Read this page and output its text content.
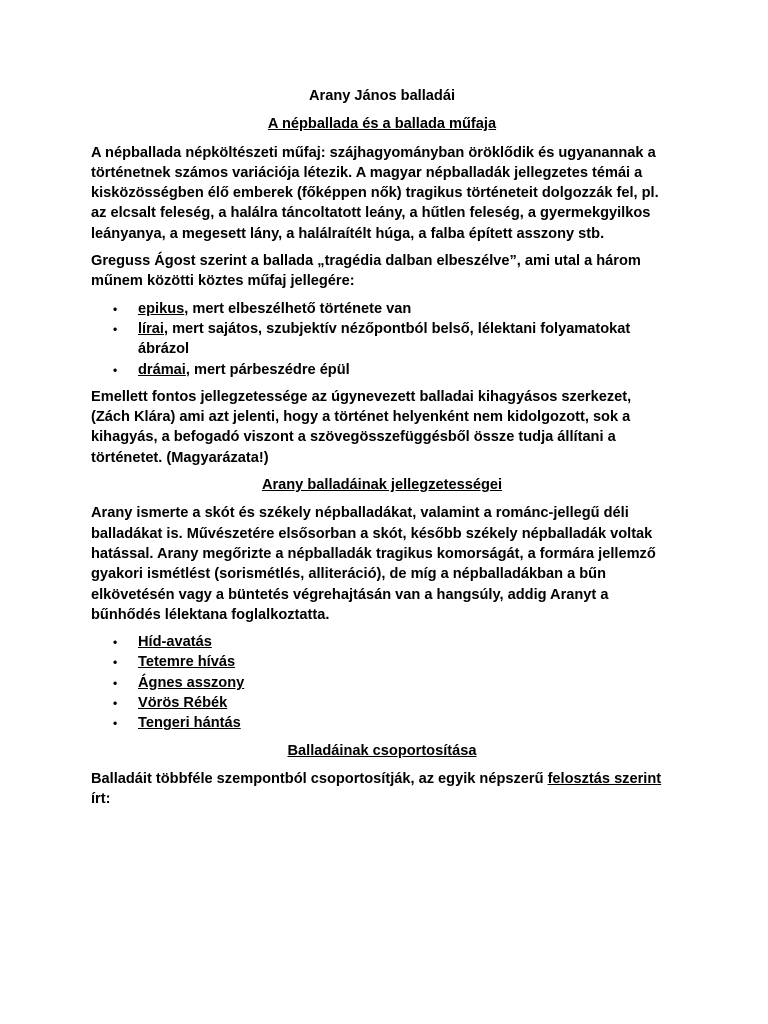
Arany János balladái
A népballada és a ballada műfaja

A népballada népköltészeti műfaj: szájhagyományban öröklődik és ugyanannak a történetnek számos variációja létezik. A magyar népballadák jellegzetes témái a kisközösségben élő emberek (főképpen nők) tragikus történeteit dolgozzák fel, pl. az elcsalt feleség, a halálra táncoltatott leány, a hűtlen feleség, a gyermekgyilkos leányanya, a megesett lány, a halálraítélt húga, a falba épített asszony stb.

Greguss Ágost szerint a ballada „tragédia dalban elbeszélve”, ami utal a három műnem közötti köztes műfaj jellegére:

• epikus, mert elbeszélhető története van
• lírai, mert sajátos, szubjektív nézőpontból belső, lélektani folyamatokat ábrázol
• drámai, mert párbeszédre épül

Emellett fontos jellegzetessége az úgynevezett balladai kihagyásos szerkezet, (Zách Klára) ami azt jelenti, hogy a történet helyenként nem kidolgozott, sok a kihagyás, a befogadó viszont a szövegösszefüggésből össze tudja állítani a történetet. (Magyarázata!)

Arany balladáinak jellegzetességei

Arany ismerte a skót és székely népballadákat, valamint a románc-jellegű déli balladákat is. Művészetére elsősorban a skót, később székely népballadák voltak hatással. Arany megőrizte a népballadák tragikus komorságát, a formára jellemző gyakori ismétlést (sorismétlés, alliteráció), de míg a népballadákban a bűn elkövetésén vagy a büntetés végrehajtásán van a hangsúly, addig Aranyt a bűnhődés lélektana foglalkoztatta.

• Híd-avatás
• Tetemre hívás
• Ágnes asszony
• Vörös Rébék
• Tengeri hántás
Balladáinak csoportosítása

Balladáit többféle szempontból csoportosítják, az egyik népszerű felosztás szerint írt:
